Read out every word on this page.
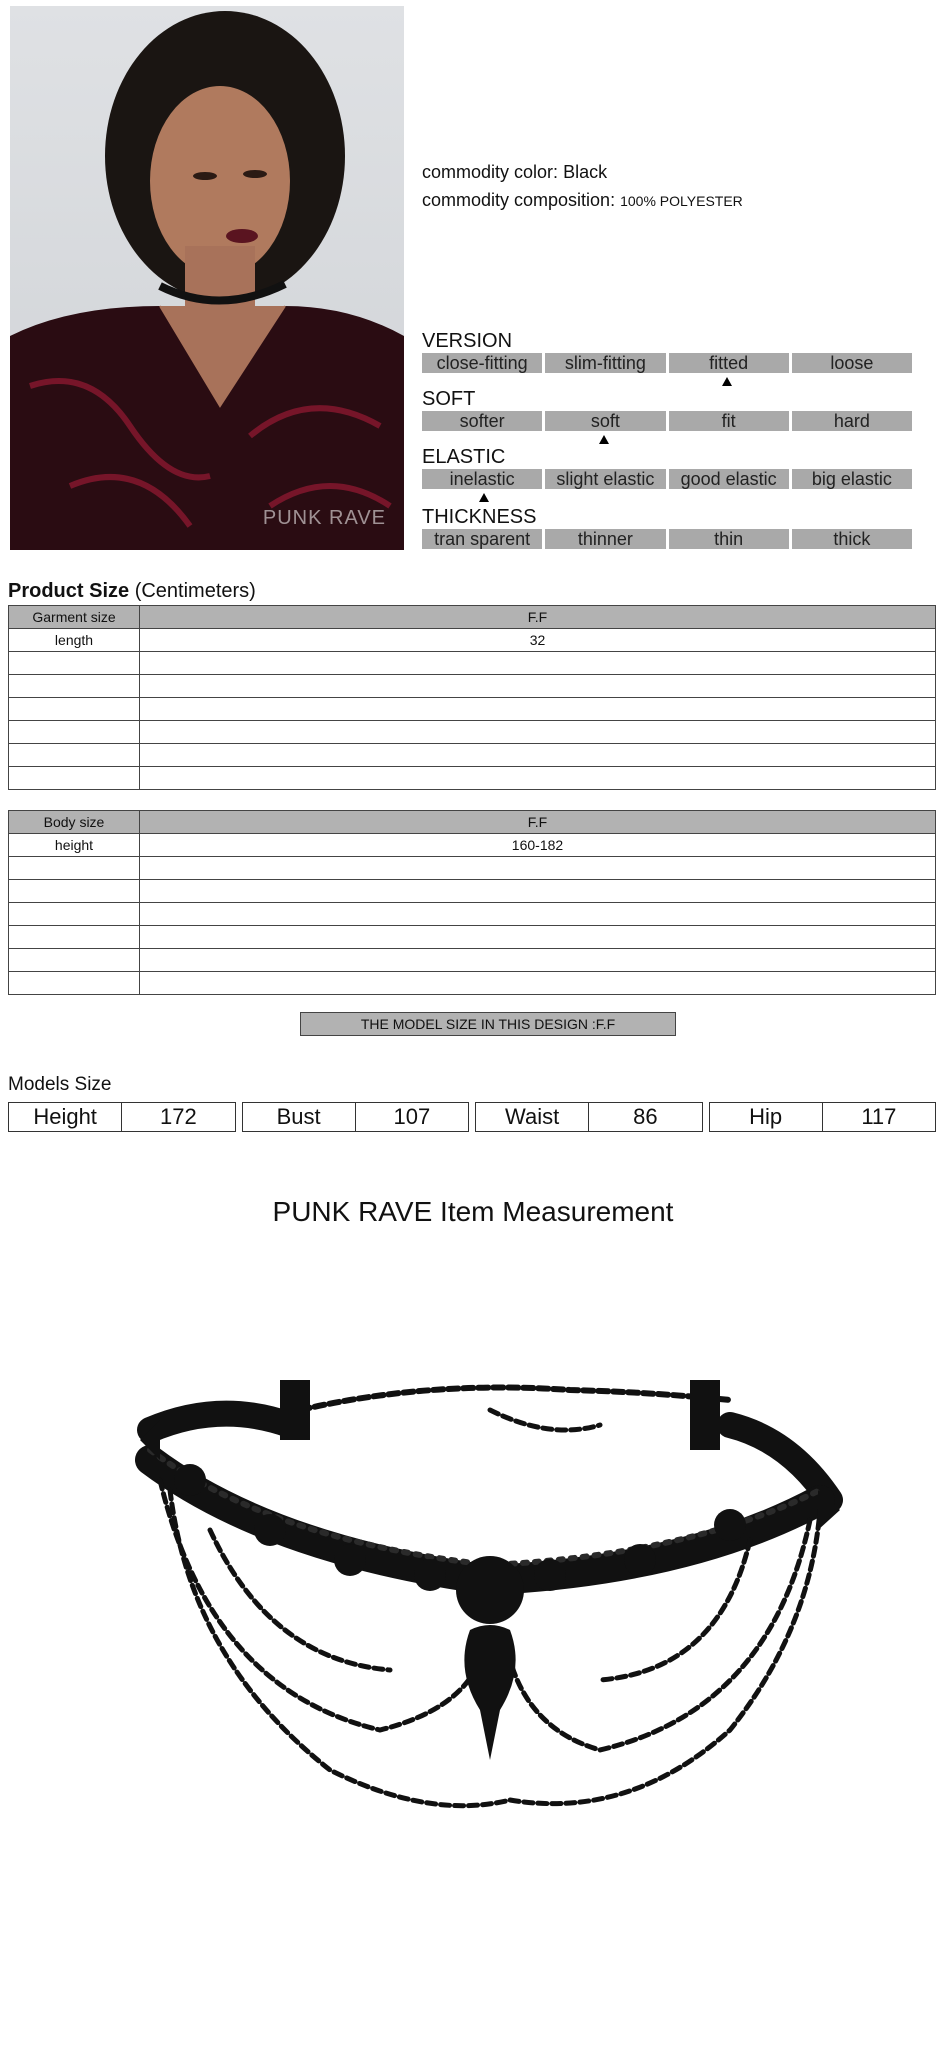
PUNK RAVE
commodity color: Black
commodity composition: 100% POLYESTER
VERSION
close-fitting	slim-fitting	fitted	loose
SOFT
softer	soft	fit	hard
ELASTIC
inelastic	slight elastic	good elastic	big elastic
THICKNESS
tran sparent	thinner	thin	thick
Product Size (Centimeters)
Garment size	F.F
length	32

Body size	F.F
height	160-182

THE MODEL SIZE IN THIS DESIGN :F.F
Models Size
Height	172	Bust	107	Waist	86	Hip	117
PUNK RAVE Item Measurement
